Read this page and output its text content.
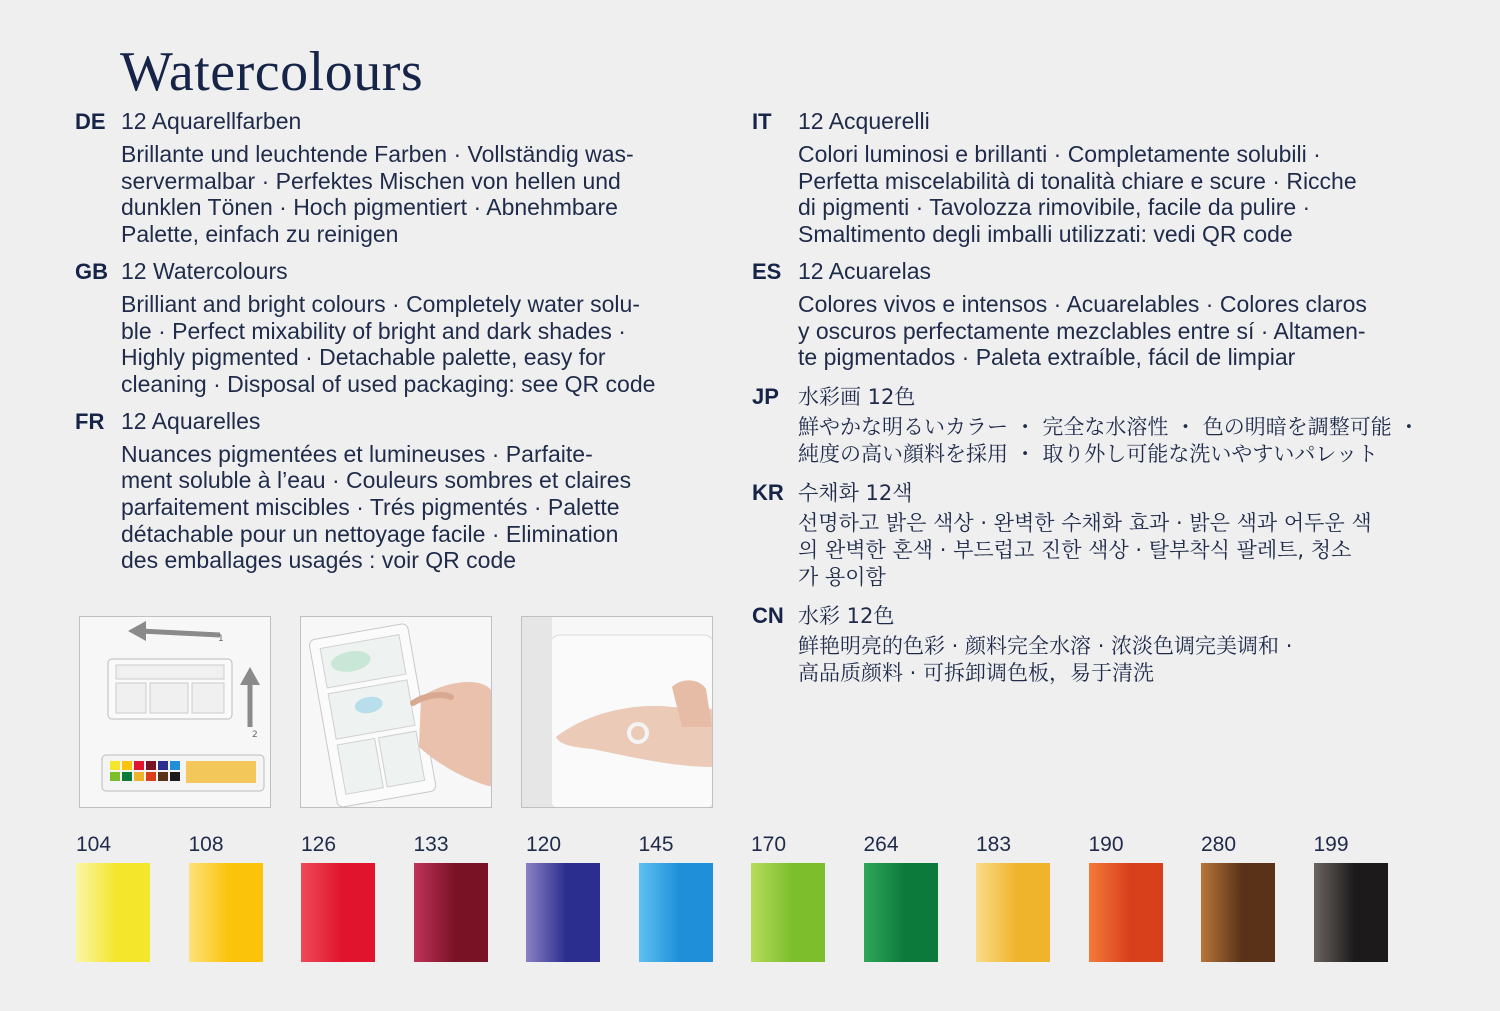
Watercolours
DE 12 Aquarellfarben
Brillante und leuchtende Farben · Vollständig was-
servermalbar · Perfektes Mischen von hellen und
dunklen Tönen · Hoch pigmentiert · Abnehmbare
Palette, einfach zu reinigen
GB 12 Watercolours
Brilliant and bright colours · Completely water solu-
ble · Perfect mixability of bright and dark shades ·
Highly pigmented · Detachable palette, easy for
cleaning · Disposal of used packaging: see QR code
FR 12 Aquarelles
Nuances pigmentées et lumineuses · Parfaite-
ment soluble à l’eau · Couleurs sombres et claires
parfaitement miscibles · Trés pigmentés · Palette
détachable pour un nettoyage facile · Elimination
des emballages usagés : voir QR code
IT	12 Acquerelli
Colori luminosi e brillanti · Completamente solubili ·
Perfetta miscelabilità di tonalità chiare e scure · Ricche
di pigmenti · Tavolozza rimovibile, facile da pulire ·
Smaltimento degli imballi utilizzati: vedi QR code
ES 12 Acuarelas
Colores vivos e intensos · Acuarelables · Colores claros
y oscuros perfectamente mezclables entre sí · Altamen-
te pigmentados · Paleta extraíble, fácil de limpiar
JP 水彩画 12色
鮮やかな明るいカラー ・ 完全な水溶性 ・ 色の明暗を調整可能 ・
純度の高い顔料を採用 ・ 取り外し可能な洗いやすいパレット
KR 수채화 12색
선명하고 밝은 색상 · 완벽한 수채화 효과 · 밝은 색과 어두운 색
의 완벽한 혼색 · 부드럽고 진한 색상 · 탈부착식 팔레트, 청소
가 용이함
CN 水彩 12色
鲜艳明亮的色彩 · 颜料完全水溶 · 浓淡色调完美调和 ·
高品质颜料 · 可拆卸调色板，易于清洗
1
2
104	108	126	133	120	145	170	264	183	190	280	199
